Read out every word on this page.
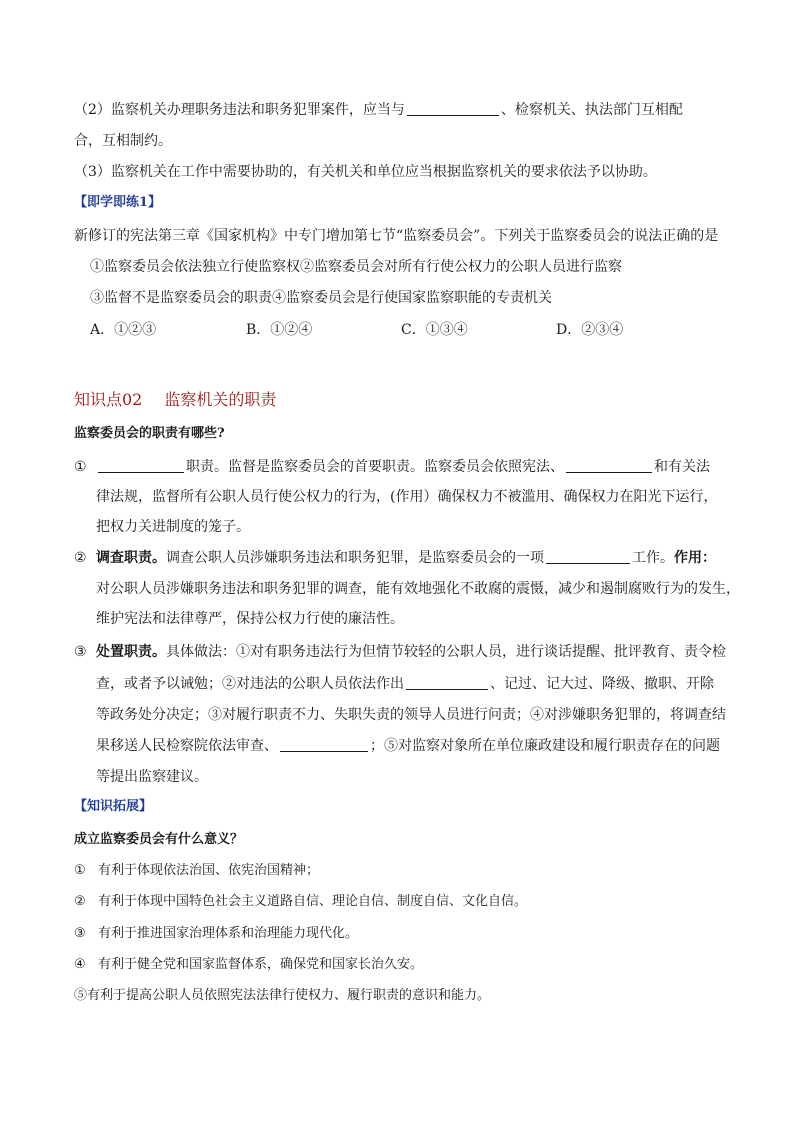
（2）监察机关办理职务违法和职务犯罪案件，应当与	、检察机关、执法部门互相配
合，互相制约。
（3）监察机关在工作中需要协助的，有关机关和单位应当根据监察机关的要求依法予以协助。
【即学即练1】
新修订的宪法第三章《国家机构》中专门增加第七节“监察委员会”。下列关于监察委员会的说法正确的是
①监察委员会依法独立行使监察权②监察委员会对所有行使公权力的公职人员进行监察
③监督不是监察委员会的职责④监察委员会是行使国家监察职能的专责机关
A．①②③	B．①②④	C．①③④	D．②③④
知识点02 监察机关的职责
监察委员会的职责有哪些?
①	职责。监督是监察委员会的首要职责。监察委员会依照宪法、	和有关法
律法规，监督所有公职人员行使公权力的行为，(作用）确保权力不被滥用、确保权力在阳光下运行，
把权力关进制度的笼子。
② 调查职责。调查公职人员涉嫌职务违法和职务犯罪，是监察委员会的一项	工作。作用：
对公职人员涉嫌职务违法和职务犯罪的调查，能有效地强化不敢腐的震慑，减少和遏制腐败行为的发生，
维护宪法和法律尊严，保持公权力行使的廉洁性。
③ 处置职责。具体做法：①对有职务违法行为但情节较轻的公职人员，进行谈话提醒、批评教育、责令检
查，或者予以诫勉；②对违法的公职人员依法作出	、记过、记大过、降级、撤职、开除
等政务处分决定；③对履行职责不力、失职失责的领导人员进行问责；④对涉嫌职务犯罪的，将调查结
果移送人民检察院依法审查、	；⑤对监察对象所在单位廉政建设和履行职责存在的问题
等提出监察建议。
【知识拓展】
成立监察委员会有什么意义？
① 有利于体现依法治国、依宪治国精神；
② 有利于体现中国特色社会主义道路自信、理论自信、制度自信、文化自信。
③ 有利于推进国家治理体系和治理能力现代化。
④ 有利于健全党和国家监督体系，确保党和国家长治久安。
⑤有利于提高公职人员依照宪法法律行使权力、履行职责的意识和能力。
